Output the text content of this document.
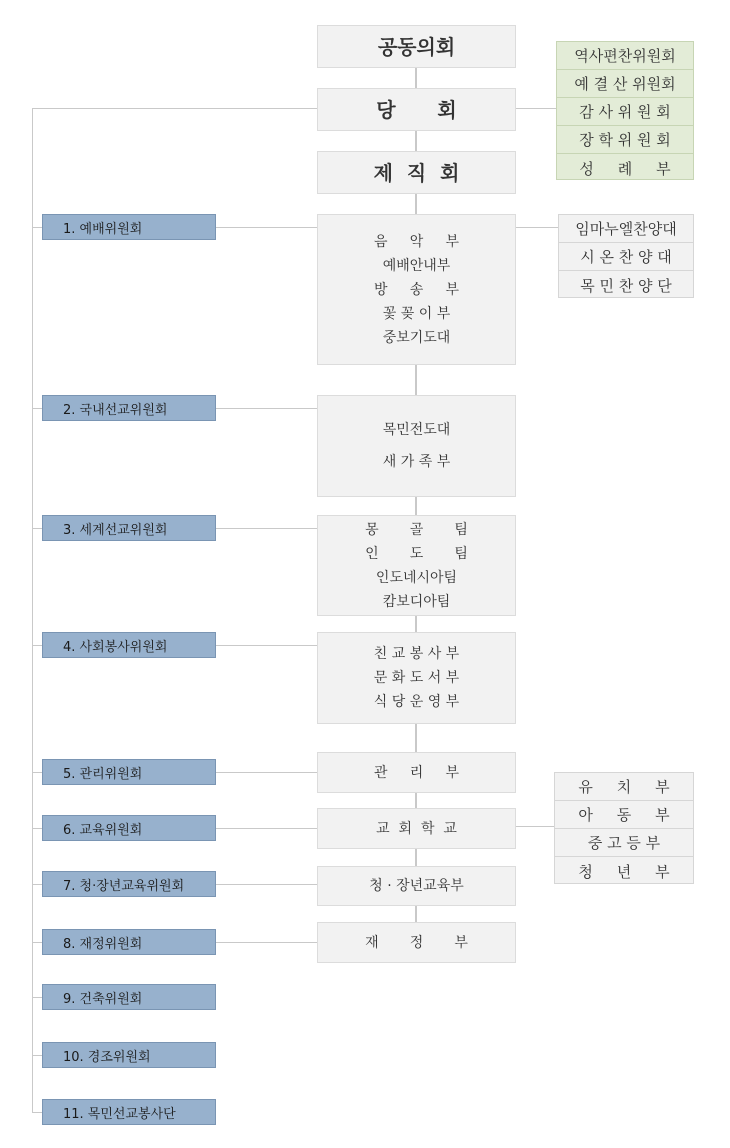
공동의회
당      회
제  직  회
역사편찬위원회
예 결 산 위원회
감 사 위 원 회
장 학 위 원 회
성     례     부
음     악     부
예배안내부
방     송     부
꽃 꽂 이 부
중보기도대
목민전도대
새 가 족 부
몽       골       팀
인       도       팀
인도네시아팀
캄보디아팀
친 교 봉 사 부
문 화 도 서 부
식 당 운 영 부
관     리     부
교  회  학  교
청 · 장년교육부
재       정       부
임마누엘찬양대
시 온 찬 양 대
목 민 찬 양 단
유     치     부
아     동     부
중 고 등 부
청     년     부
1. 예배위원회
2. 국내선교위원회
3. 세계선교위원회
4. 사회봉사위원회
5. 관리위원회
6. 교육위원회
7. 청·장년교육위원회
8. 재정위원회
9. 건축위원회
10. 경조위원회
11. 목민선교봉사단
